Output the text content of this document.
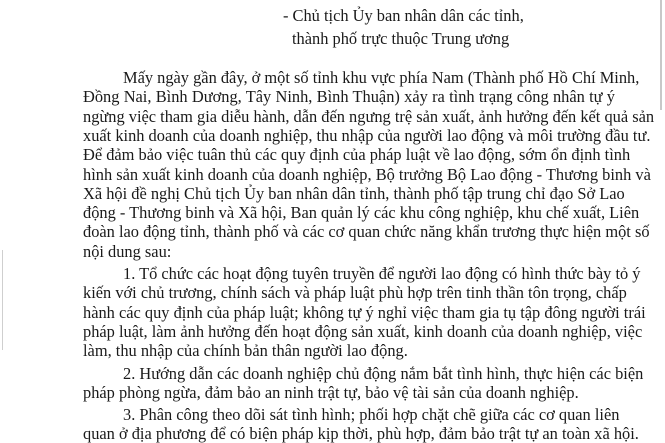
- Chủ tịch Ủy ban nhân dân các tỉnh,
thành phố trực thuộc Trung ương
Mấy ngày gần đây, ở một số tỉnh khu vực phía Nam (Thành phố Hồ Chí Minh,
Đồng Nai, Bình Dương, Tây Ninh, Bình Thuận) xảy ra tình trạng công nhân tự ý
ngừng việc tham gia diễu hành, dẫn đến ngưng trệ sản xuất, ảnh hưởng đến kết quả sản
xuất kinh doanh của doanh nghiệp, thu nhập của người lao động và môi trường đầu tư.
Để đảm bảo việc tuân thủ các quy định của pháp luật về lao động, sớm ổn định tình
hình sản xuất kinh doanh của doanh nghiệp, Bộ trưởng Bộ Lao động - Thương binh và
Xã hội đề nghị Chủ tịch Ủy ban nhân dân tỉnh, thành phố tập trung chỉ đạo Sở Lao
động - Thương binh và Xã hội, Ban quản lý các khu công nghiệp, khu chế xuất, Liên
đoàn lao động tỉnh, thành phố và các cơ quan chức năng khẩn trương thực hiện một số
nội dung sau:
1. Tổ chức các hoạt động tuyên truyền để người lao động có hình thức bày tỏ ý
kiến với chủ trương, chính sách và pháp luật phù hợp trên tinh thần tôn trọng, chấp
hành các quy định của pháp luật; không tự ý nghỉ việc tham gia tụ tập đông người trái
pháp luật, làm ảnh hưởng đến hoạt động sản xuất, kinh doanh của doanh nghiệp, việc
làm, thu nhập của chính bản thân người lao động.
2. Hướng dẫn các doanh nghiệp chủ động nắm bắt tình hình, thực hiện các biện
pháp phòng ngừa, đảm bảo an ninh trật tự, bảo vệ tài sản của doanh nghiệp.
3. Phân công theo dõi sát tình hình; phối hợp chặt chẽ giữa các cơ quan liên
quan ở địa phương để có biện pháp kịp thời, phù hợp, đảm bảo trật tự an toàn xã hội.
